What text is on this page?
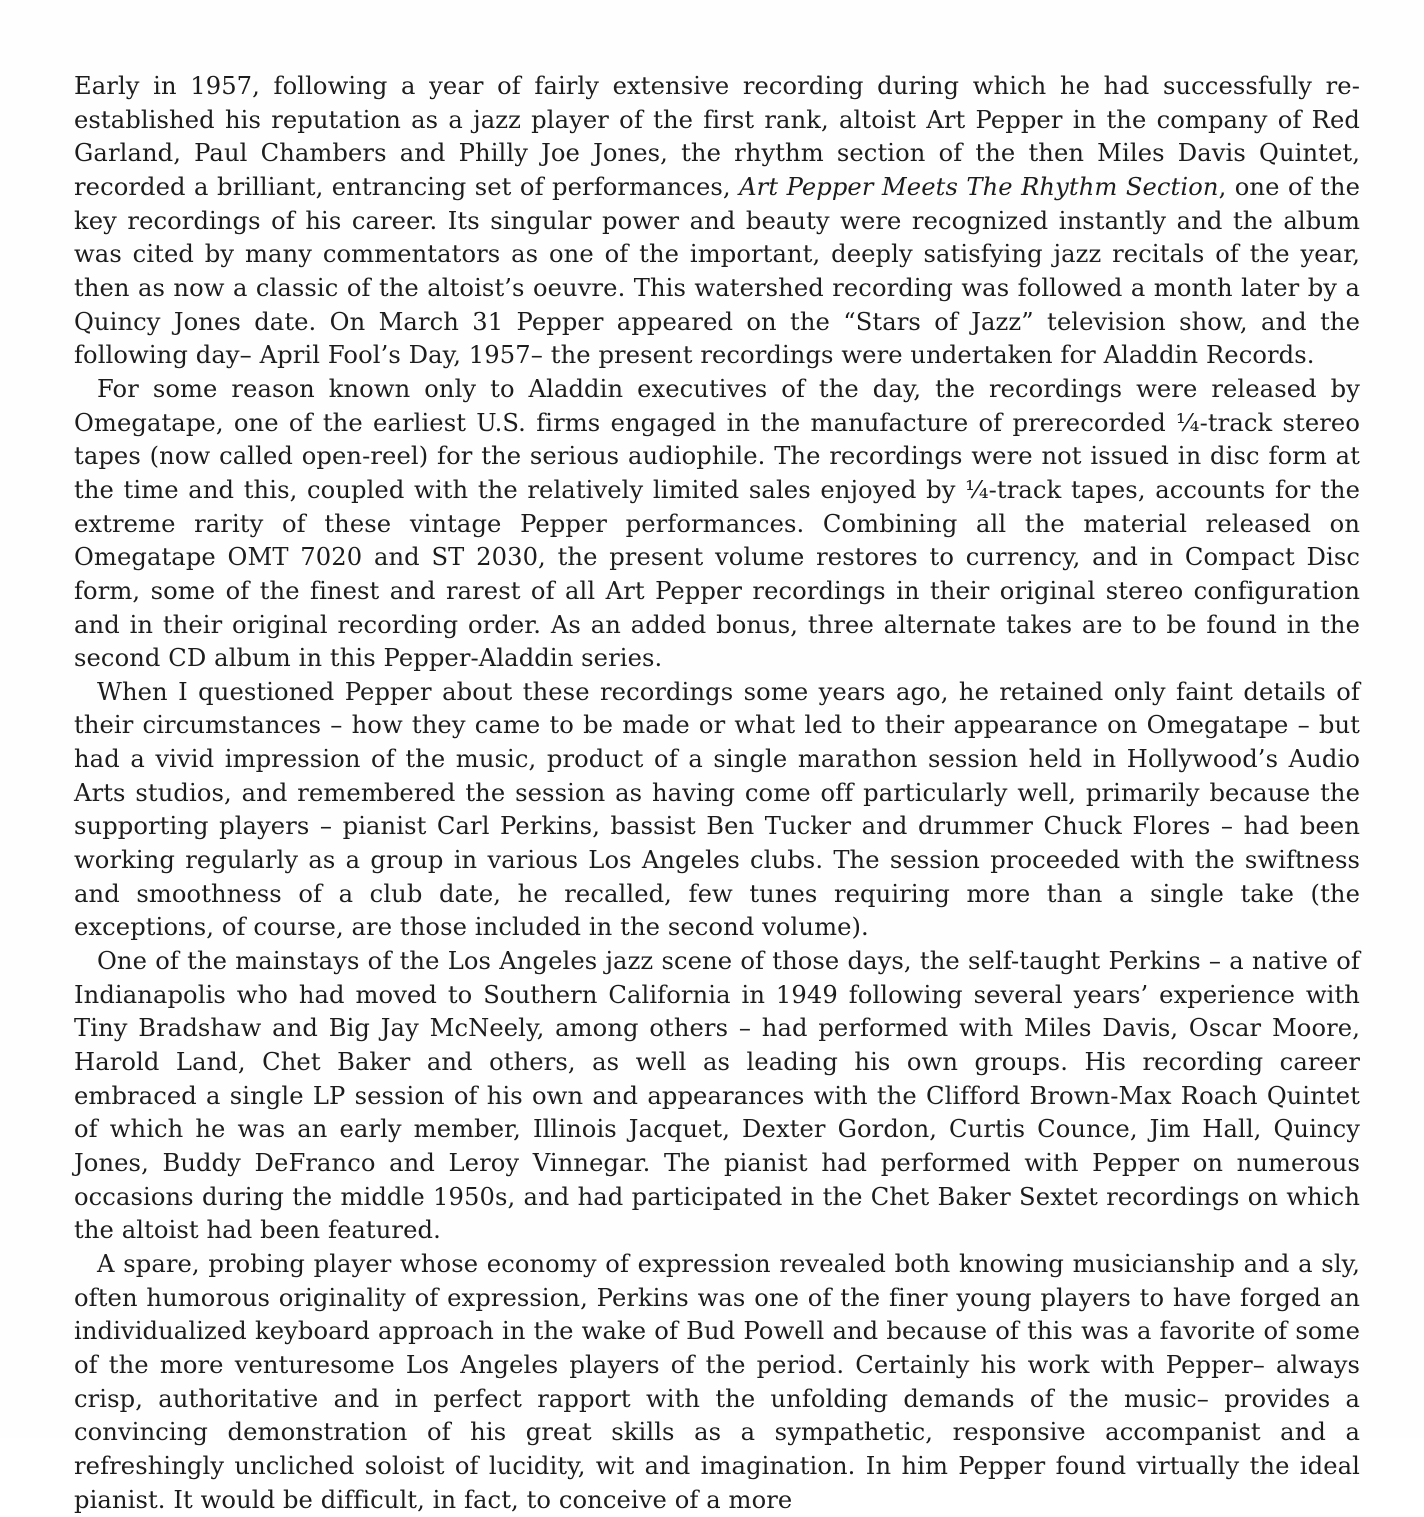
Early in 1957, following a year of fairly extensive recording during which he had successfully re-established his reputation as a jazz player of the first rank, altoist Art Pepper in the company of Red Garland, Paul Chambers and Philly Joe Jones, the rhythm section of the then Miles Davis Quintet, recorded a brilliant, entrancing set of performances, Art Pepper Meets The Rhythm Section, one of the key recordings of his career. Its singular power and beauty were recognized instantly and the album was cited by many commentators as one of the important, deeply satisfying jazz recitals of the year, then as now a classic of the altoist’s oeuvre. This watershed recording was followed a month later by a Quincy Jones date. On March 31 Pepper appeared on the “Stars of Jazz” television show, and the following day– April Fool’s Day, 1957– the present recordings were undertaken for Aladdin Records.

For some reason known only to Aladdin executives of the day, the recordings were released by Omegatape, one of the earliest U.S. firms engaged in the manufacture of prerecorded ¼-track stereo tapes (now called open-reel) for the serious audiophile. The recordings were not issued in disc form at the time and this, coupled with the relatively limited sales enjoyed by ¼-track tapes, accounts for the extreme rarity of these vintage Pepper performances. Combining all the material released on Omegatape OMT 7020 and ST 2030, the present volume restores to currency, and in Compact Disc form, some of the finest and rarest of all Art Pepper recordings in their original stereo configuration and in their original recording order. As an added bonus, three alternate takes are to be found in the second CD album in this Pepper-Aladdin series.

When I questioned Pepper about these recordings some years ago, he retained only faint details of their circumstances – how they came to be made or what led to their appearance on Omegatape – but had a vivid impression of the music, product of a single marathon session held in Hollywood’s Audio Arts studios, and remembered the session as having come off particularly well, primarily because the supporting players – pianist Carl Perkins, bassist Ben Tucker and drummer Chuck Flores – had been working regularly as a group in various Los Angeles clubs. The session proceeded with the swiftness and smoothness of a club date, he recalled, few tunes requiring more than a single take (the exceptions, of course, are those included in the second volume).

One of the mainstays of the Los Angeles jazz scene of those days, the self-taught Perkins – a native of Indianapolis who had moved to Southern California in 1949 following several years’ experience with Tiny Bradshaw and Big Jay McNeely, among others – had performed with Miles Davis, Oscar Moore, Harold Land, Chet Baker and others, as well as leading his own groups. His recording career embraced a single LP session of his own and appearances with the Clifford Brown-Max Roach Quintet of which he was an early member, Illinois Jacquet, Dexter Gordon, Curtis Counce, Jim Hall, Quincy Jones, Buddy DeFranco and Leroy Vinnegar. The pianist had performed with Pepper on numerous occasions during the middle 1950s, and had participated in the Chet Baker Sextet recordings on which the altoist had been featured.

A spare, probing player whose economy of expression revealed both knowing musicianship and a sly, often humorous originality of expression, Perkins was one of the finer young players to have forged an individualized keyboard approach in the wake of Bud Powell and because of this was a favorite of some of the more venturesome Los Angeles players of the period. Certainly his work with Pepper– always crisp, authoritative and in perfect rapport with the unfolding demands of the music– provides a convincing demonstration of his great skills as a sympathetic, responsive accompanist and a refreshingly uncliched soloist of lucidity, wit and imagination. In him Pepper found virtually the ideal pianist. It would be difficult, in fact, to conceive of a more
